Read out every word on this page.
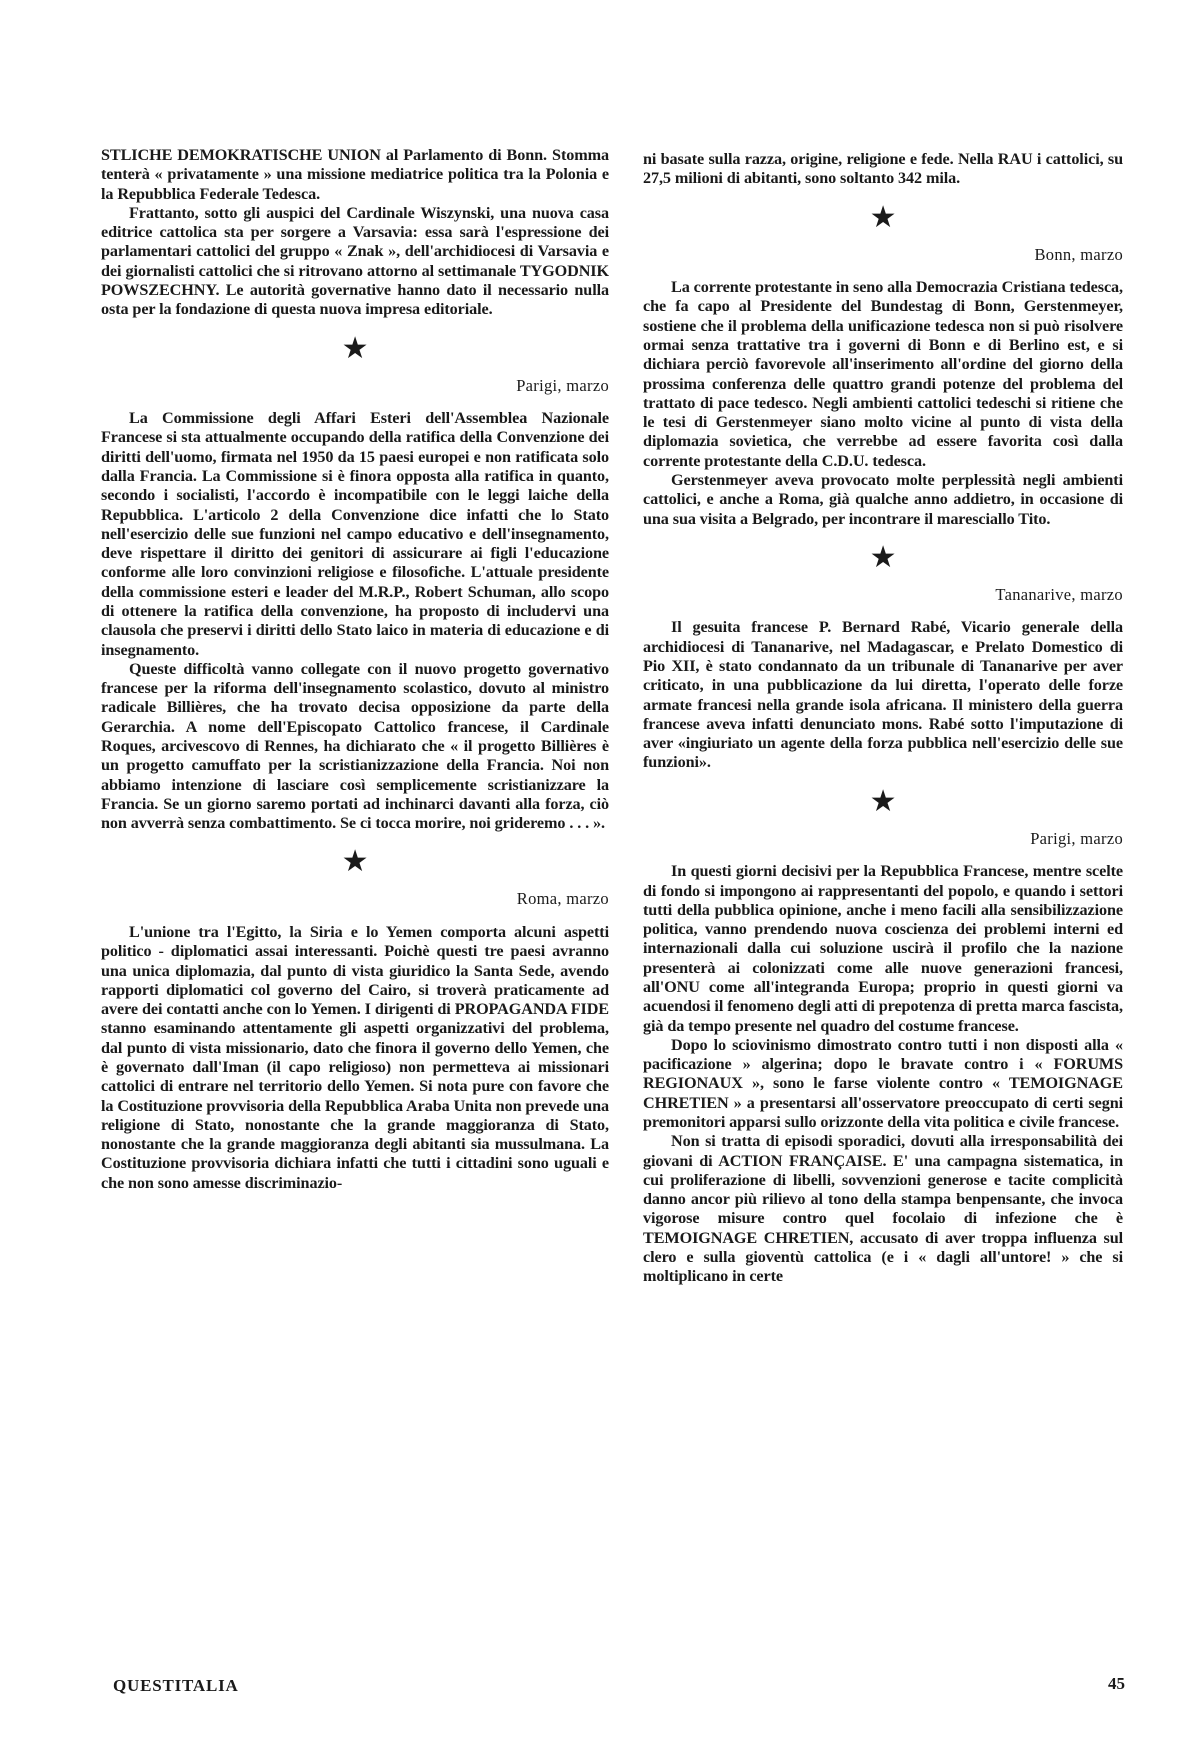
STLICHE DEMOKRATISCHE UNION al Parlamento di Bonn. Stomma tenterà « privatamente » una missione mediatrice politica tra la Polonia e la Repubblica Federale Tedesca.

Frattanto, sotto gli auspici del Cardinale Wiszynski, una nuova casa editrice cattolica sta per sorgere a Varsavia: essa sarà l'espressione dei parlamentari cattolici del gruppo « Znak », dell'archidiocesi di Varsavia e dei giornalisti cattolici che si ritrovano attorno al settimanale TYGODNIK POWSZECHNY. Le autorità governative hanno dato il necessario nulla osta per la fondazione di questa nuova impresa editoriale.

★
Parigi, marzo

La Commissione degli Affari Esteri dell'Assemblea Nazionale Francese si sta attualmente occupando della ratifica della Convenzione dei diritti dell'uomo, firmata nel 1950 da 15 paesi europei e non ratificata solo dalla Francia. La Commissione si è finora opposta alla ratifica in quanto, secondo i socialisti, l'accordo è incompatibile con le leggi laiche della Repubblica. L'articolo 2 della Convenzione dice infatti che lo Stato nell'esercizio delle sue funzioni nel campo educativo e dell'insegnamento, deve rispettare il diritto dei genitori di assicurare ai figli l'educazione conforme alle loro convinzioni religiose e filosofiche. L'attuale presidente della commissione esteri e leader del M.R.P., Robert Schuman, allo scopo di ottenere la ratifica della convenzione, ha proposto di includervi una clausola che preservi i diritti dello Stato laico in materia di educazione e di insegnamento.

Queste difficoltà vanno collegate con il nuovo progetto governativo francese per la riforma dell'insegnamento scolastico, dovuto al ministro radicale Billières, che ha trovato decisa opposizione da parte della Gerarchia. A nome dell'Episcopato Cattolico francese, il Cardinale Roques, arcivescovo di Rennes, ha dichiarato che « il progetto Billières è un progetto camuffato per la scristianizzazione della Francia. Noi non abbiamo intenzione di lasciare così semplicemente scristianizzare la Francia. Se un giorno saremo portati ad inchinarci davanti alla forza, ciò non avverrà senza combattimento. Se ci tocca morire, noi grideremo . . . ».

★
Roma, marzo

L'unione tra l'Egitto, la Siria e lo Yemen comporta alcuni aspetti politico - diplomatici assai interessanti. Poichè questi tre paesi avranno una unica diplomazia, dal punto di vista giuridico la Santa Sede, avendo rapporti diplomatici col governo del Cairo, si troverà praticamente ad avere dei contatti anche con lo Yemen. I dirigenti di PROPAGANDA FIDE stanno esaminando attentamente gli aspetti organizzativi del problema, dal punto di vista missionario, dato che finora il governo dello Yemen, che è governato dall'Iman (il capo religioso) non permetteva ai missionari cattolici di entrare nel territorio dello Yemen. Si nota pure con favore che la Costituzione provvisoria della Repubblica Araba Unita non prevede una religione di Stato, nonostante che la grande maggioranza di Stato, nonostante che la grande maggioranza degli abitanti sia mussulmana. La Costituzione provvisoria dichiara infatti che tutti i cittadini sono uguali e che non sono amesse discriminazio-

ni basate sulla razza, origine, religione e fede. Nella RAU i cattolici, su 27,5 milioni di abitanti, sono soltanto 342 mila.

★
Bonn, marzo

La corrente protestante in seno alla Democrazia Cristiana tedesca, che fa capo al Presidente del Bundestag di Bonn, Gerstenmeyer, sostiene che il problema della unificazione tedesca non si può risolvere ormai senza trattative tra i governi di Bonn e di Berlino est, e si dichiara perciò favorevole all'inserimento all'ordine del giorno della prossima conferenza delle quattro grandi potenze del problema del trattato di pace tedesco. Negli ambienti cattolici tedeschi si ritiene che le tesi di Gerstenmeyer siano molto vicine al punto di vista della diplomazia sovietica, che verrebbe ad essere favorita così dalla corrente protestante della C.D.U. tedesca.

Gerstenmeyer aveva provocato molte perplessità negli ambienti cattolici, e anche a Roma, già qualche anno addietro, in occasione di una sua visita a Belgrado, per incontrare il maresciallo Tito.

★
Tananarive, marzo

Il gesuita francese P. Bernard Rabé, Vicario generale della archidiocesi di Tananarive, nel Madagascar, e Prelato Domestico di Pio XII, è stato condannato da un tribunale di Tananarive per aver criticato, in una pubblicazione da lui diretta, l'operato delle forze armate francesi nella grande isola africana. Il ministero della guerra francese aveva infatti denunciato mons. Rabé sotto l'imputazione di aver «ingiuriato un agente della forza pubblica nell'esercizio delle sue funzioni».

★
Parigi, marzo

In questi giorni decisivi per la Repubblica Francese, mentre scelte di fondo si impongono ai rappresentanti del popolo, e quando i settori tutti della pubblica opinione, anche i meno facili alla sensibilizzazione politica, vanno prendendo nuova coscienza dei problemi interni ed internazionali dalla cui soluzione uscirà il profilo che la nazione presenterà ai colonizzati come alle nuove generazioni francesi, all'ONU come all'integranda Europa; proprio in questi giorni va acuendosi il fenomeno degli atti di prepotenza di pretta marca fascista, già da tempo presente nel quadro del costume francese.

Dopo lo sciovinismo dimostrato contro tutti i non disposti alla « pacificazione » algerina; dopo le bravate contro i « FORUMS REGIONAUX », sono le farse violente contro « TEMOIGNAGE CHRETIEN » a presentarsi all'osservatore preoccupato di certi segni premonitori apparsi sullo orizzonte della vita politica e civile francese.

Non si tratta di episodi sporadici, dovuti alla irresponsabilità dei giovani di ACTION FRANÇAISE. E' una campagna sistematica, in cui proliferazione di libelli, sovvenzioni generose e tacite complicità danno ancor più rilievo al tono della stampa benpensante, che invoca vigorose misure contro quel focolaio di infezione che è TEMOIGNAGE CHRETIEN, accusato di aver troppa influenza sul clero e sulla gioventù cattolica (e i « dagli all'untore! » che si moltiplicano in certe

QUESTITALIA	45
